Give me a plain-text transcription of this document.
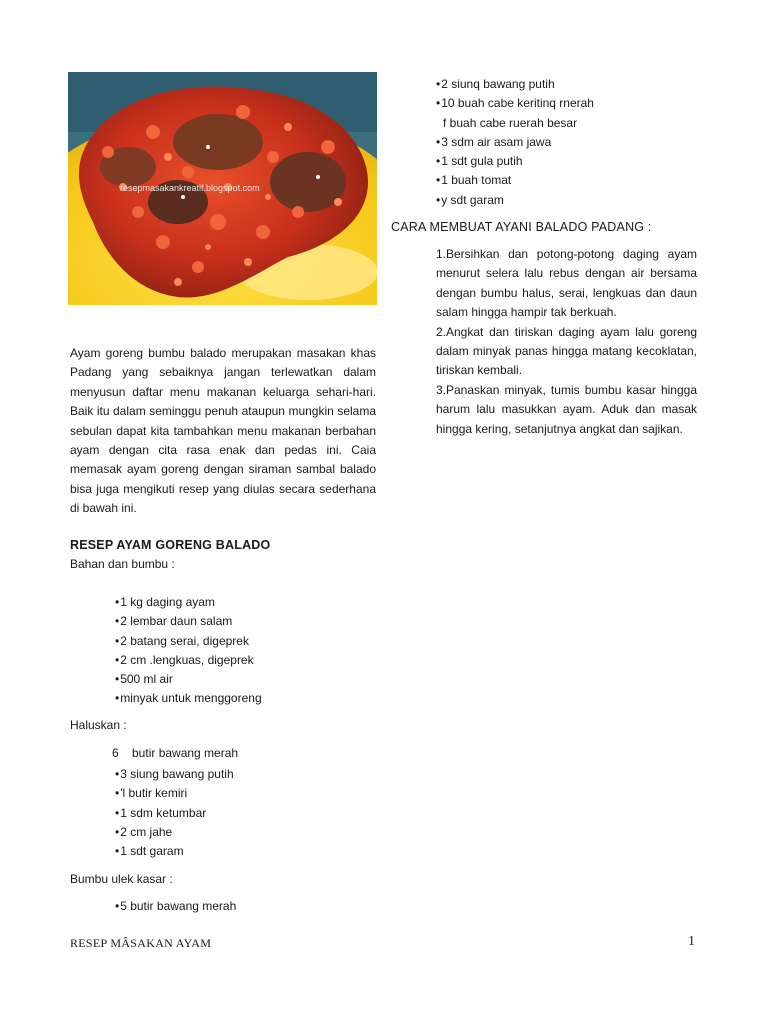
resepmasakankreatif.blogspot.com
Ayam goreng bumbu balado merupakan masakan khas Padang yang sebaiknya jangan terlewatkan dalam menyusun daftar menu makanan keluarga sehari-hari. Baik itu dalam seminggu penuh ataupun mungkin selama sebulan dapat kita tambahkan menu makanan berbahan ayam dengan cita rasa enak dan pedas ini. Caia memasak ayam goreng dengan siraman sambal balado bisa juga mengikuti resep yang diulas secara sederhana di bawah ini.
RESEP AYAM GORENG BALADO
Bahan dan bumbu :
•1 kg daging ayam
•2 lembar daun salam
•2 batang serai, digeprek
•2 cm .lengkuas, digeprek
•500 ml air
•minyak untuk menggoreng
Haluskan :
6    butir bawang merah
•3 siung bawang putih
•'l butir kemiri
•1 sdm ketumbar
•2 cm jahe
•1 sdt garam
Bumbu ulek kasar :
•5 butir bawang merah
•2 siunq bawang putih
•10 buah cabe keritinq rnerah
f buah cabe ruerah besar
•3 sdm air asam jawa
•1 sdt gula putih
•1 buah tomat
•y sdt garam
CARA MEMBUAT AYANI BALADO PADANG :

1.Bersihkan dan potong-potong daging ayam menurut selera lalu rebus dengan air bersama dengan bumbu halus, serai, lengkuas dan daun salam hingga hampir tak berkuah.

2.Angkat dan tiriskan daging ayam lalu goreng dalam minyak panas hingga matang kecoklatan, tiriskan kembali.

3.Panaskan minyak, tumis bumbu kasar hingga harum lalu masukkan ayam. Aduk dan masak hingga kering, setanjutnya angkat dan sajikan.

RESEP MÂSAKAN AYAM	1
